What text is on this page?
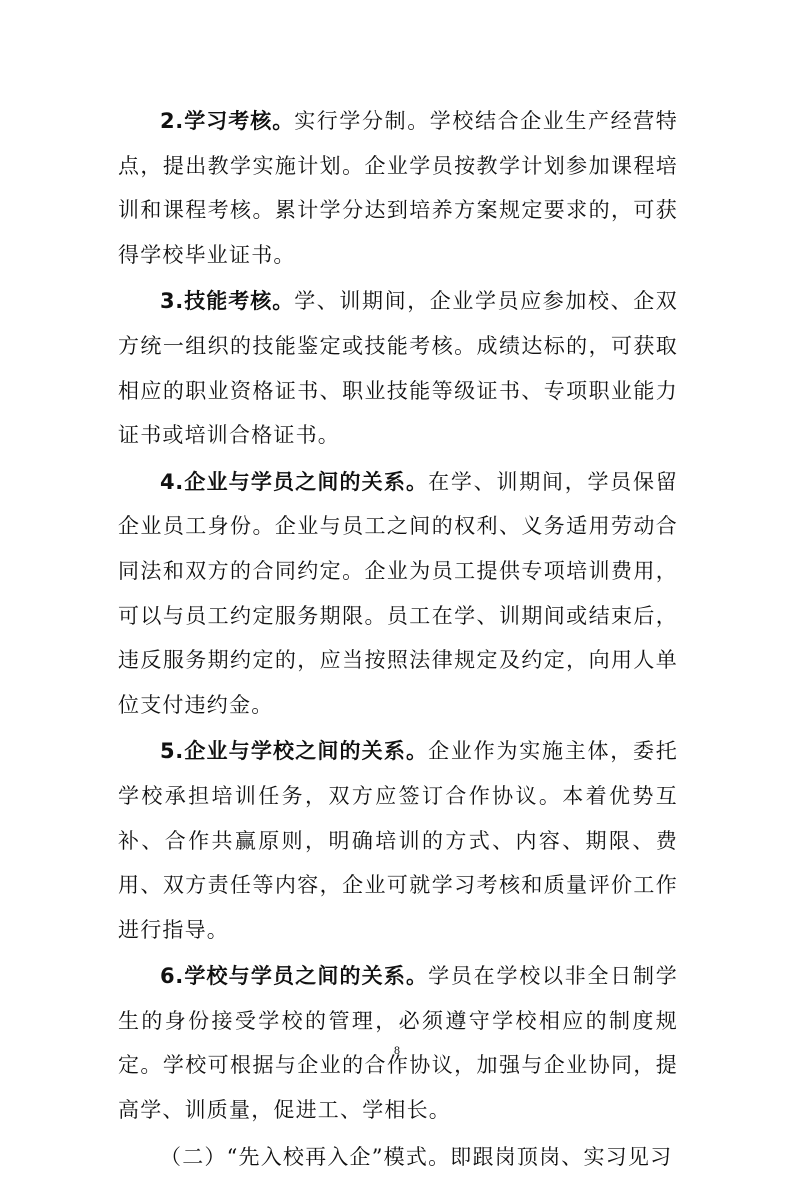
2.学习考核。实行学分制。学校结合企业生产经营特点，提出教学实施计划。企业学员按教学计划参加课程培训和课程考核。累计学分达到培养方案规定要求的，可获得学校毕业证书。

3.技能考核。学、训期间，企业学员应参加校、企双方统一组织的技能鉴定或技能考核。成绩达标的，可获取相应的职业资格证书、职业技能等级证书、专项职业能力证书或培训合格证书。

4.企业与学员之间的关系。在学、训期间，学员保留企业员工身份。企业与员工之间的权利、义务适用劳动合同法和双方的合同约定。企业为员工提供专项培训费用，可以与员工约定服务期限。员工在学、训期间或结束后，违反服务期约定的，应当按照法律规定及约定，向用人单位支付违约金。

5.企业与学校之间的关系。企业作为实施主体，委托学校承担培训任务，双方应签订合作协议。本着优势互补、合作共赢原则，明确培训的方式、内容、期限、费用、双方责任等内容，企业可就学习考核和质量评价工作进行指导。

6.学校与学员之间的关系。学员在学校以非全日制学生的身份接受学校的管理，必须遵守学校相应的制度规定。学校可根据与企业的合作协议，加强与企业协同，提高学、训质量，促进工、学相长。

（二）“先入校再入企”模式。即跟岗顶岗、实习见习

8
